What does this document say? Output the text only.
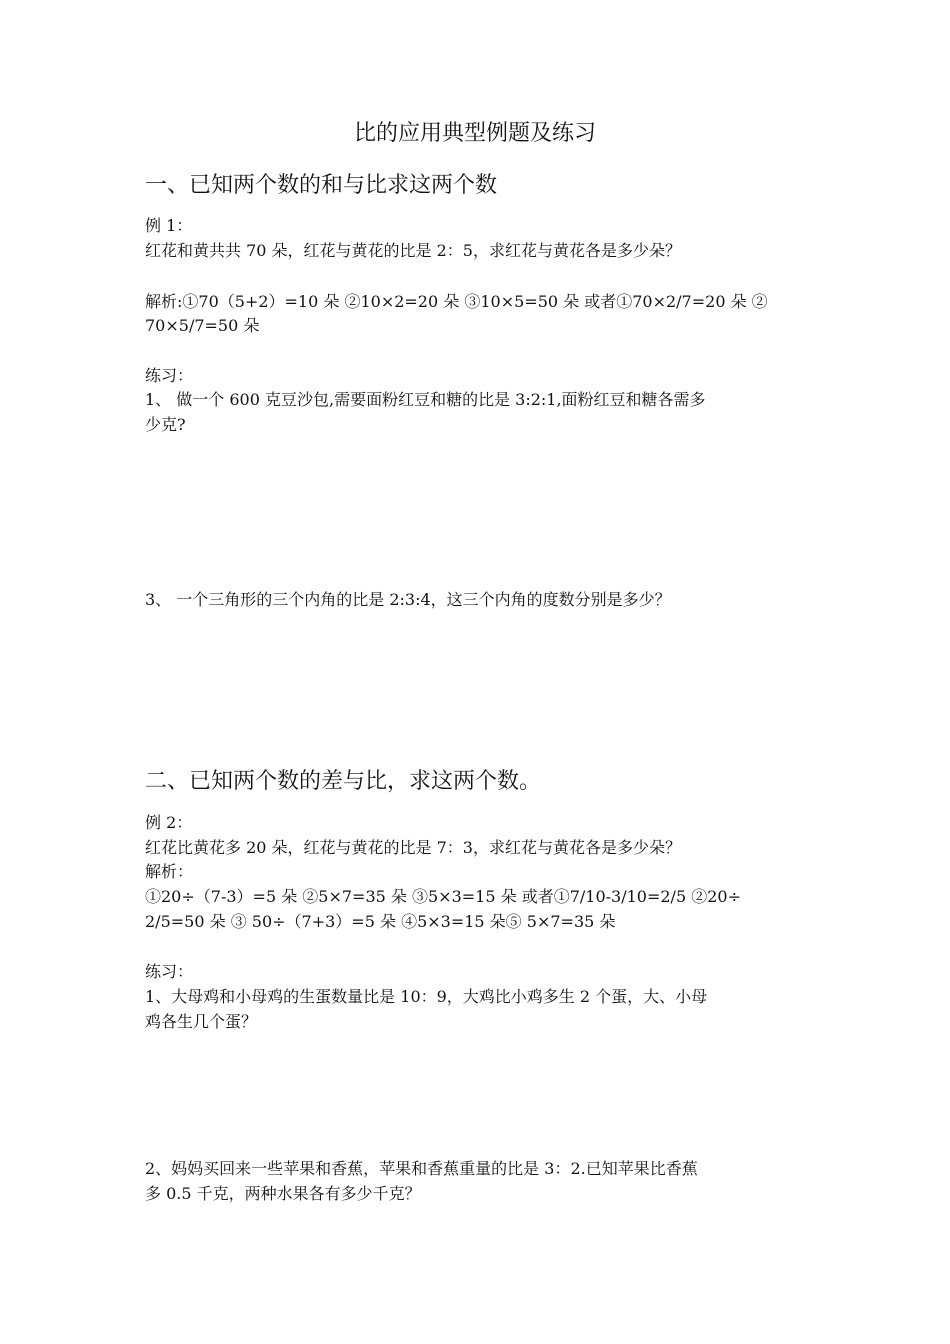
比的应用典型例题及练习
一、已知两个数的和与比求这两个数
例 1：
红花和黄共共 70 朵，红花与黄花的比是 2：5，求红花与黄花各是多少朵？
解析:①70（5+2）=10 朵 ②10×2=20 朵 ③10×5=50 朵 或者①70×2/7=20 朵 ②
70×5/7=50 朵
练习：
1、 做一个 600 克豆沙包,需要面粉红豆和糖的比是 3:2:1,面粉红豆和糖各需多
少克?
3、 一个三角形的三个内角的比是 2:3:4，这三个内角的度数分别是多少？
二、已知两个数的差与比，求这两个数。
例 2：
红花比黄花多 20 朵，红花与黄花的比是 7：3，求红花与黄花各是多少朵？
解析：
①20÷（7-3）=5 朵 ②5×7=35 朵 ③5×3=15 朵 或者①7/10-3/10=2/5 ②20÷
2/5=50 朵 ③ 50÷（7+3）=5 朵 ④5×3=15 朵⑤ 5×7=35 朵
练习：
1、大母鸡和小母鸡的生蛋数量比是 10：9，大鸡比小鸡多生 2 个蛋，大、小母
鸡各生几个蛋？
2、妈妈买回来一些苹果和香蕉，苹果和香蕉重量的比是 3：2.已知苹果比香蕉
多 0.5 千克，两种水果各有多少千克？
